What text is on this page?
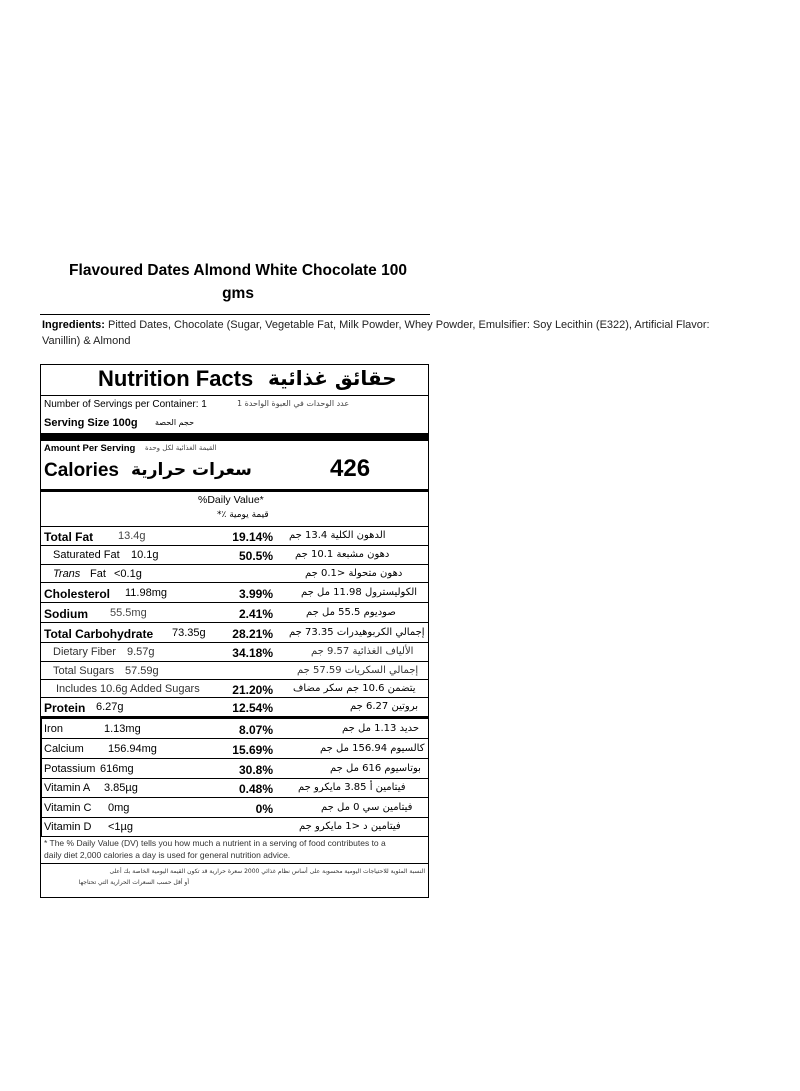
Flavoured Dates Almond White Chocolate 100
gms
Ingredients: Pitted Dates, Chocolate (Sugar, Vegetable Fat, Milk Powder, Whey Powder, Emulsifier: Soy Lecithin (E322), Artificial Flavor:
Vanillin) & Almond
Nutrition Facts حقائق غذائية
Number of Servings per Container: 1	عدد الوحدات في العبوة الواحدة 1
Serving Size 100g حجم الحصة
Amount Per Serving القيمة الغذائية لكل وحدة
Calories سعرات حرارية	426
%Daily Value*
قيمة يومية ٪*
Total Fat 13.4g	19.14% الدهون الكلية 13.4 جم
Saturated Fat 10.1g	50.5% دهون مشبعة 10.1 جم
Trans Fat <0.1g	دهون متحولة <0.1 جم
Cholesterol 11.98mg	3.99%	الكوليسترول 11.98 مل جم
Sodium 55.5mg	2.41%	صوديوم 55.5 مل جم
Total Carbohydrate 73.35g	28.21% إجمالي الكربوهيدرات 73.35 جم
Dietary Fiber 9.57g	34.18%	الألياف الغذائية 9.57 جم
Total Sugars 57.59g	إجمالي السكريات 57.59 جم
Includes 10.6g Added Sugars	21.20% يتضمن 10.6 جم سكر مضاف
Protein 6.27g	12.54%	بروتين 6.27 جم
Iron	1.13mg	8.07%	حديد 1.13 مل جم
Calcium 156.94mg	15.69%	كالسيوم 156.94 مل جم
Potassium 616mg	30.8%	بوتاسيوم 616 مل جم
Vitamin A 3.85µg	0.48%	فيتامين أ 3.85 مايكرو جم
Vitamin C 0mg	0%	فيتامين سي 0 مل جم
Vitamin D <1µg	فيتامين د <1 مايكرو جم
* The % Daily Value (DV) tells you how much a nutrient in a serving of food contributes to a
daily diet 2,000 calories a day is used for general nutrition advice.
النسبة المئوية للاحتياجات اليومية محسوبة على أساس نظام غذائي 2000 سعرة حرارية قد تكون القيمة اليومية الخاصة بك أعلى
أو أقل حسب السعرات الحرارية التي تحتاجها
